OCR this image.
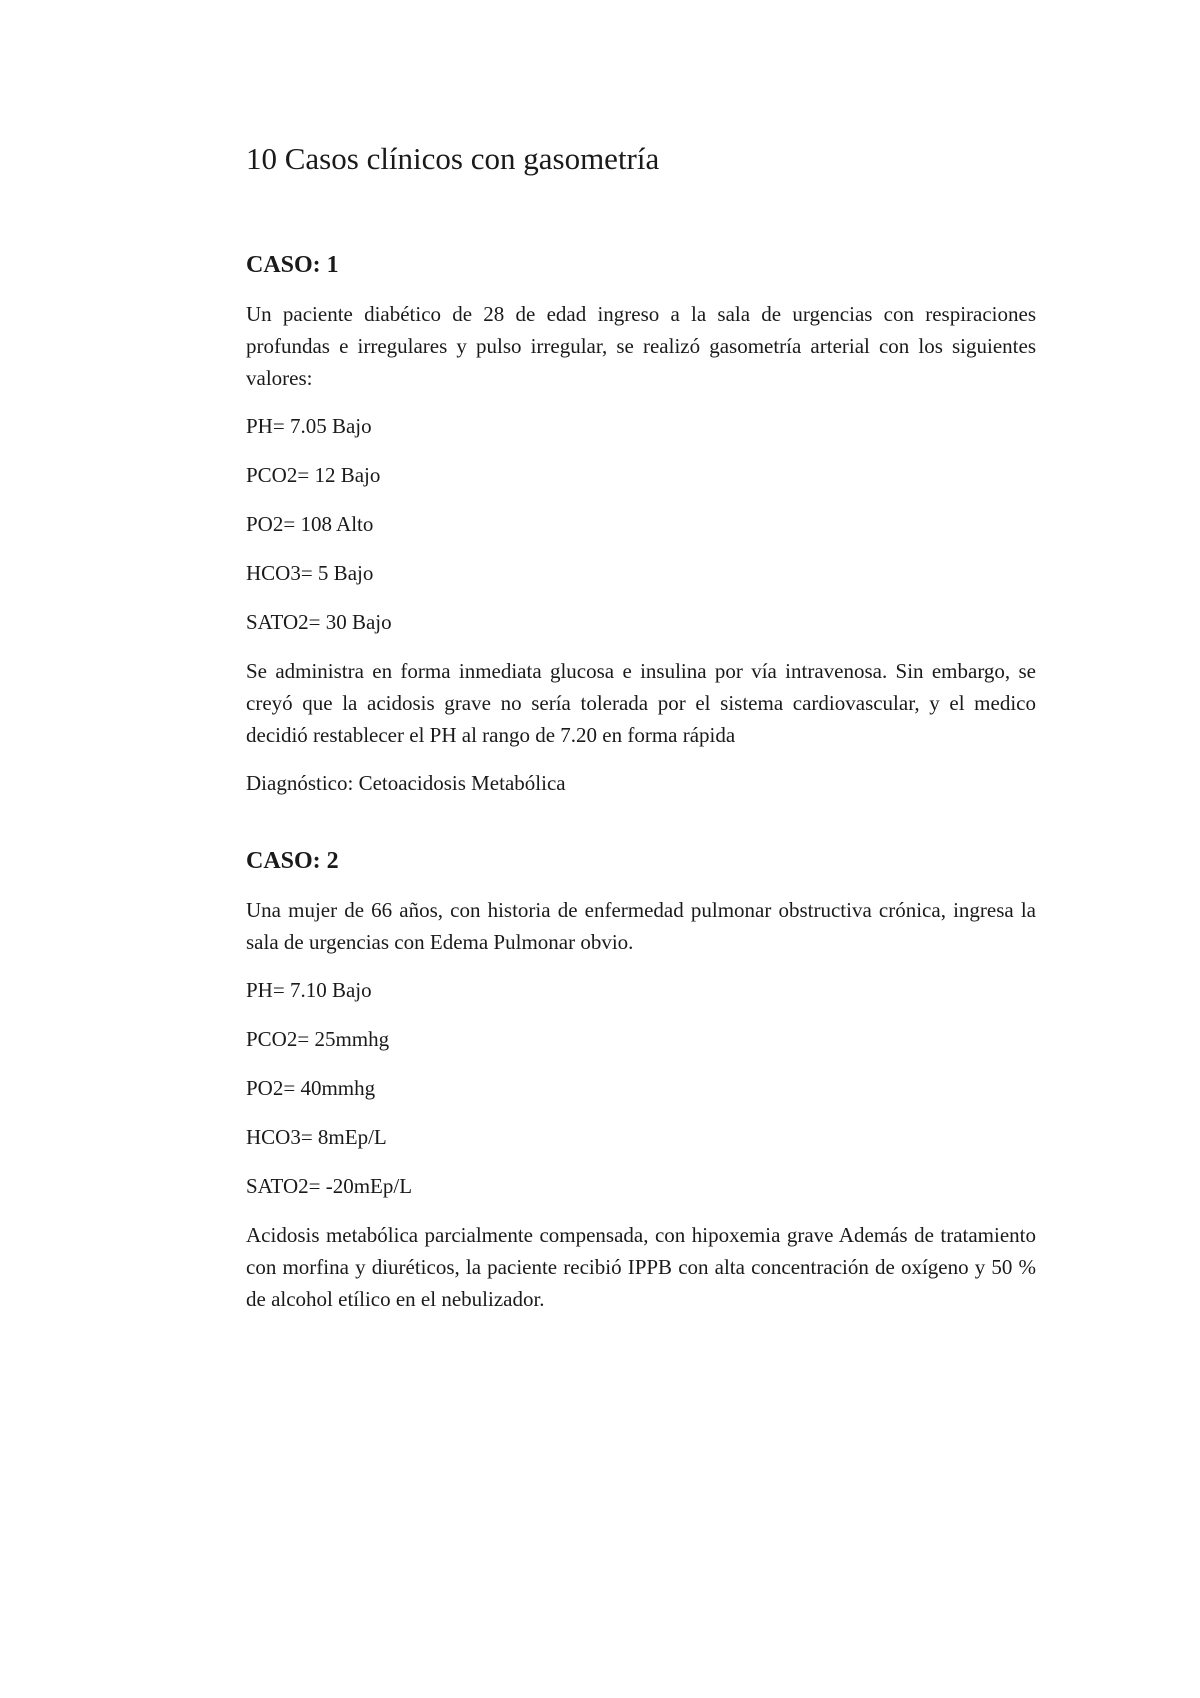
10 Casos clínicos con gasometría
CASO: 1

Un paciente diabético de 28 de edad ingreso a la sala de urgencias con respiraciones profundas e irregulares y pulso irregular, se realizó gasometría arterial con los siguientes valores:

PH= 7.05 Bajo

PCO2= 12 Bajo

PO2= 108 Alto

HCO3= 5 Bajo

SATO2= 30 Bajo

Se administra en forma inmediata glucosa e insulina por vía intravenosa. Sin embargo, se creyó que la acidosis grave no sería tolerada por el sistema cardiovascular, y el medico decidió restablecer el PH al rango de 7.20 en forma rápida

Diagnóstico: Cetoacidosis Metabólica

CASO: 2

Una mujer de 66 años, con historia de enfermedad pulmonar obstructiva crónica, ingresa la sala de urgencias con Edema Pulmonar obvio.

PH= 7.10 Bajo

PCO2= 25mmhg

PO2= 40mmhg

HCO3= 8mEp/L

SATO2= -20mEp/L

Acidosis metabólica parcialmente compensada, con hipoxemia grave Además de tratamiento con morfina y diuréticos, la paciente recibió IPPB con alta concentración de oxígeno y 50 % de alcohol etílico en el nebulizador.
